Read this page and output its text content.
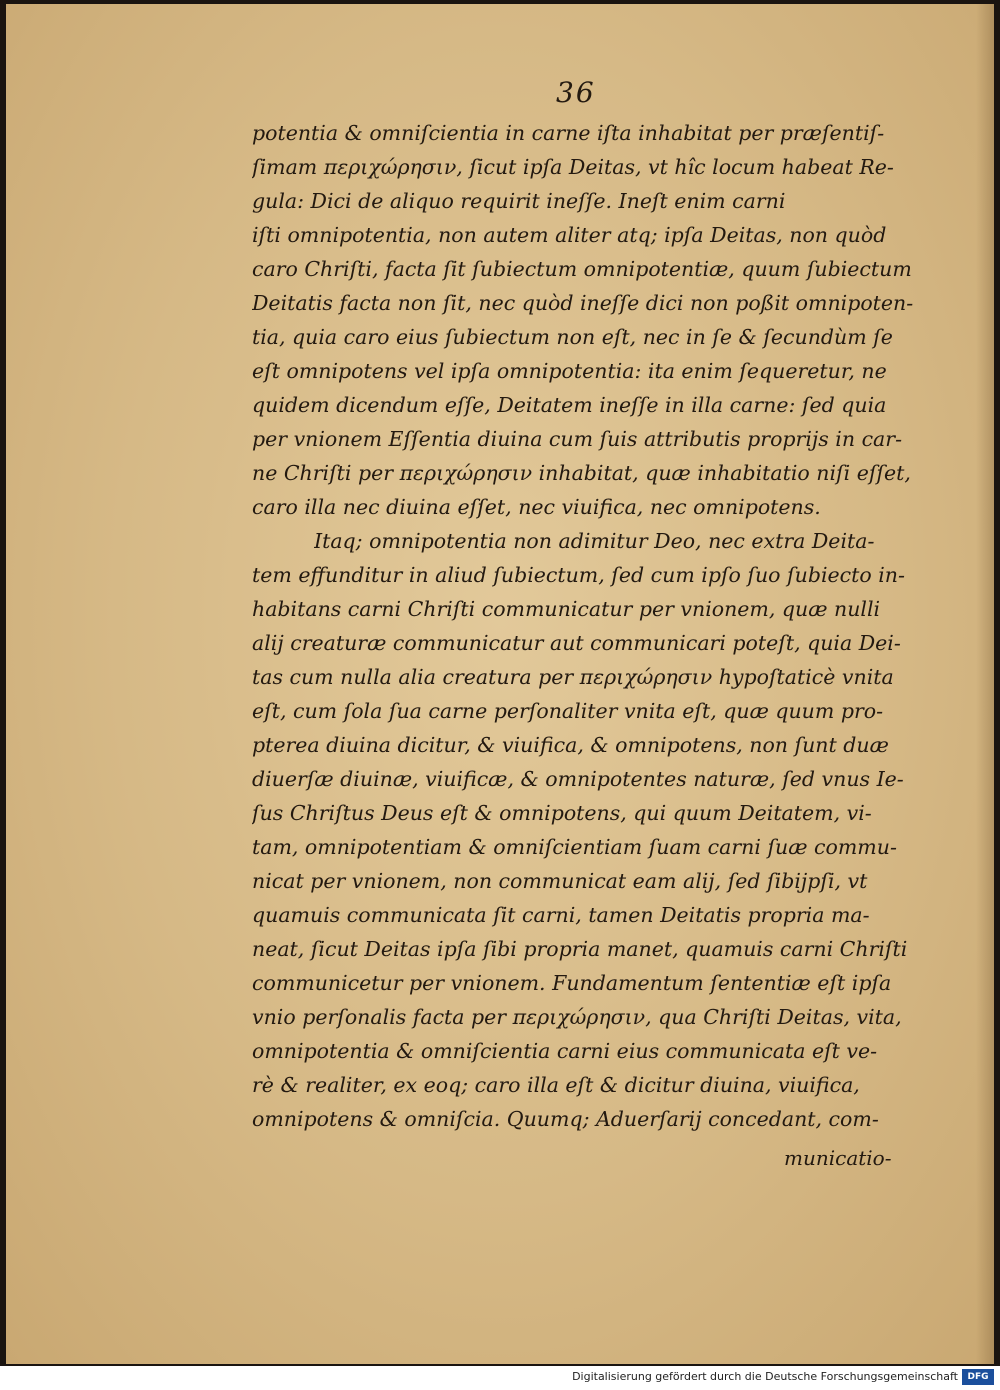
36
potentia & omniſcientia in carne iſta inhabitat per præſentiſ-
ſimam περιχώρησιν, ſicut ipſa Deitas, vt hîc locum habeat Re-
gula: Dici de aliquo requirit ineſſe. Ineſt enim carni
iſti omnipotentia, non autem aliter atq; ipſa Deitas, non quòd
caro Chriſti, facta ſit ſubiectum omnipotentiæ, quum ſubiectum
Deitatis facta non ſit, nec quòd ineſſe dici non poßit omnipoten-
tia, quia caro eius ſubiectum non eſt, nec in ſe & ſecundùm ſe
eſt omnipotens vel ipſa omnipotentia: ita enim ſequeretur, ne
quidem dicendum eſſe, Deitatem ineſſe in illa carne: ſed quia
per vnionem Eſſentia diuina cum ſuis attributis proprijs in car-
ne Chriſti per περιχώρησιν inhabitat, quæ inhabitatio niſi eſſet,
caro illa nec diuina eſſet, nec viuifica, nec omnipotens.
Itaq; omnipotentia non adimitur Deo, nec extra Deita-
tem effunditur in aliud ſubiectum, ſed cum ipſo ſuo ſubiecto in-
habitans carni Chriſti communicatur per vnionem, quæ nulli
alij creaturæ communicatur aut communicari poteſt, quia Dei-
tas cum nulla alia creatura per περιχώρησιν hypoſtaticè vnita
eſt, cum ſola ſua carne perſonaliter vnita eſt, quæ quum pro-
pterea diuina dicitur, & viuifica, & omnipotens, non ſunt duæ
diuerſæ diuinæ, viuificæ, & omnipotentes naturæ, ſed vnus Ie-
ſus Chriſtus Deus eſt & omnipotens, qui quum Deitatem, vi-
tam, omnipotentiam & omniſcientiam ſuam carni ſuæ commu-
nicat per vnionem, non communicat eam alij, ſed ſibijpſi, vt
quamuis communicata ſit carni, tamen Deitatis propria ma-
neat, ſicut Deitas ipſa ſibi propria manet, quamuis carni Chriſti
communicetur per vnionem. Fundamentum ſententiæ eſt ipſa
vnio perſonalis facta per περιχώρησιν, qua Chriſti Deitas, vita,
omnipotentia & omniſcientia carni eius communicata eſt ve-
rè & realiter, ex eoq; caro illa eſt & dicitur diuina, viuifica,
omnipotens & omniſcia. Quumq; Aduerſarij concedant, com-
municatio-
Digitalisierung gefördert durch die Deutsche Forschungsgemeinschaft	DFG
